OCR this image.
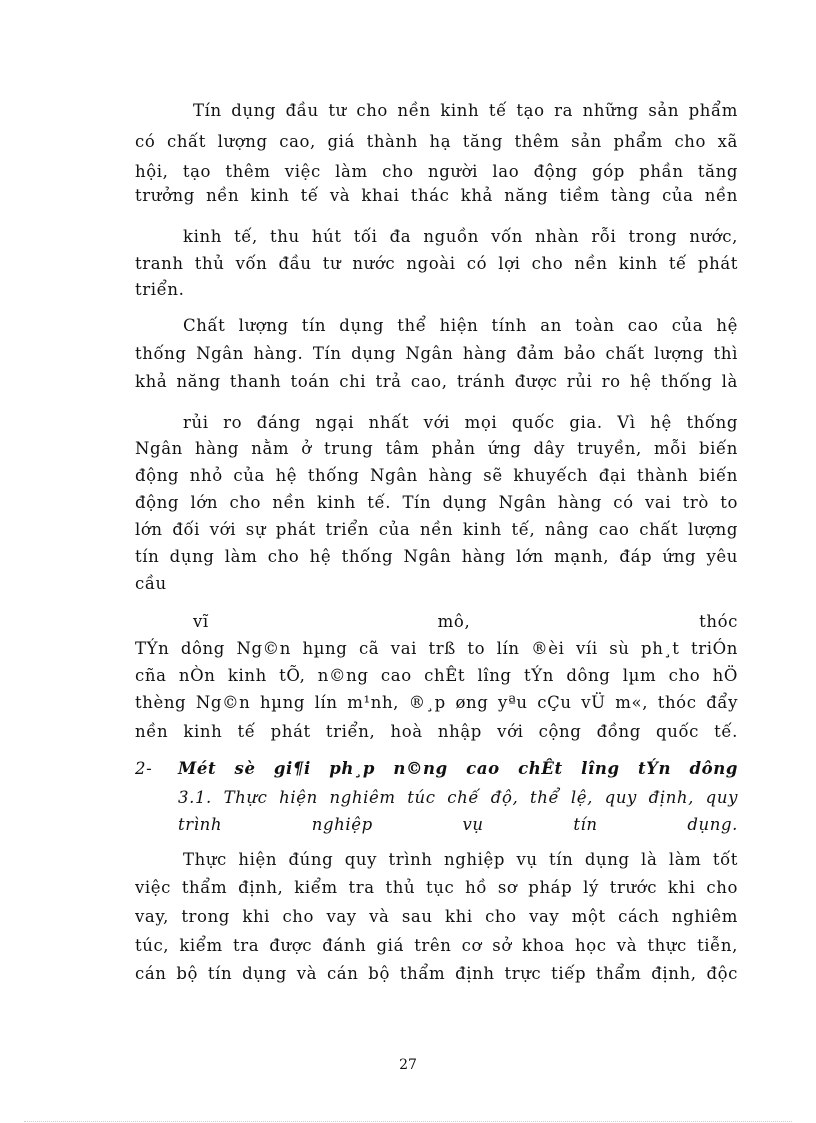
Tín dụng đầu tư cho nền kinh tế tạo ra những sản phẩm
có chất lượng cao, giá thành hạ tăng thêm sản phẩm cho xã
hội, tạo thêm việc làm cho người lao động góp phần tăng
trưởng nền kinh tế và khai thác khả năng tiềm tàng của nền
kinh tế, thu hút tối đa nguồn vốn nhàn rỗi trong nước,
tranh thủ vốn đầu tư nước ngoài có lợi cho nền kinh tế phát
triển.
Chất lượng tín dụng thể hiện tính an toàn cao của hệ
thống Ngân hàng. Tín dụng Ngân hàng đảm bảo chất lượng thì
khả năng thanh toán chi trả cao, tránh được rủi ro hệ thống là
rủi ro đáng ngại nhất với mọi quốc gia. Vì hệ thống
Ngân hàng nằm ở trung tâm phản ứng dây truyền, mỗi biến
động nhỏ của hệ thống Ngân hàng sẽ khuyếch đại thành biến
động lớn cho nền kinh tế. Tín dụng Ngân hàng có vai trò to
lớn đối với sự phát triển của nền kinh tế, nâng cao chất lượng
tín dụng làm cho hệ thống Ngân hàng lớn mạnh, đáp ứng yêu
cầu
vĩ mô, thóc
TÝn dông Ng©n hµng cã vai trß to lín ®èi víi sù ph¸t triÓn
cña nÒn kinh tÕ, n©ng cao chÊt lîng tÝn dông lµm cho hÖ
thèng Ng©n hµng lín m¹nh, ®¸p øng yªu cÇu vÜ m«, thóc đẩy
nền kinh tế phát triển, hoà nhập với cộng đồng quốc tế.
2-	Mét sè gi¶i ph¸p n©ng cao chÊt lîng tÝn dông
3.1. Thực hiện nghiêm túc chế độ, thể lệ, quy định, quy
trình nghiệp vụ tín dụng.
Thực hiện đúng quy trình nghiệp vụ tín dụng là làm tốt
việc thẩm định, kiểm tra thủ tục hồ sơ pháp lý trước khi cho
vay, trong khi cho vay và sau khi cho vay một cách nghiêm
túc, kiểm tra được đánh giá trên cơ sở khoa học và thực tiễn,
cán bộ tín dụng và cán bộ thẩm định trực tiếp thẩm định, độc
27
